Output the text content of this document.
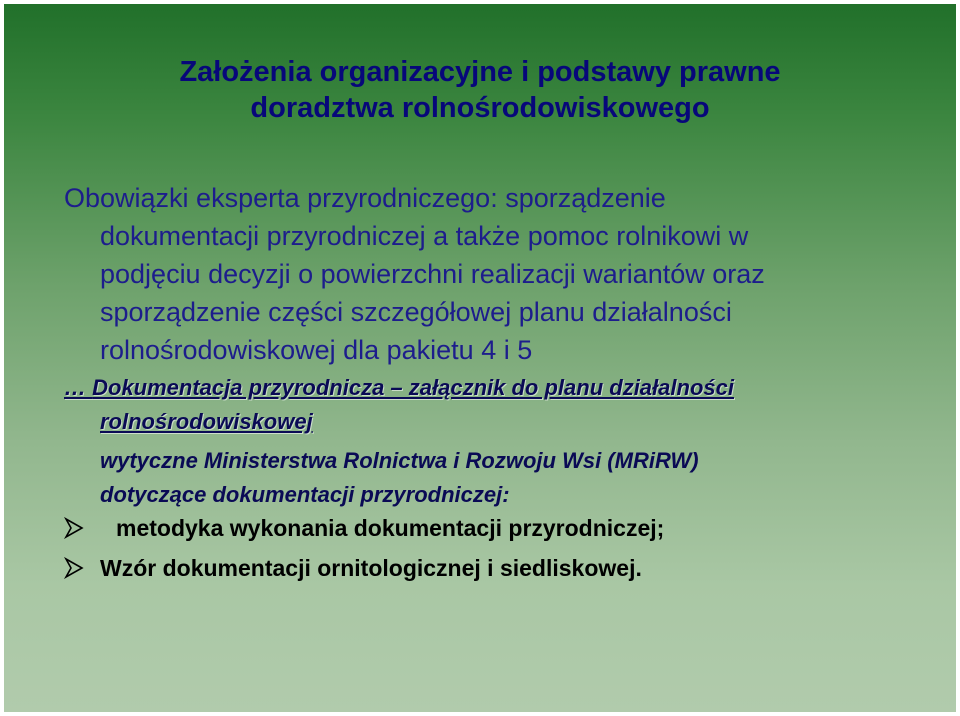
Założenia organizacyjne i podstawy prawne
doradztwa rolnośrodowiskowego

Obowiązki eksperta przyrodniczego: sporządzenie
dokumentacji przyrodniczej a także pomoc rolnikowi w
podjęciu decyzji o powierzchni realizacji wariantów oraz
sporządzenie części szczegółowej planu działalności
rolnośrodowiskowej dla pakietu 4 i 5

… Dokumentacja przyrodnicza – załącznik do planu działalności
rolnośrodowiskowej

wytyczne Ministerstwa Rolnictwa i Rozwoju Wsi (MRiRW)
dotyczące dokumentacji przyrodniczej:

metodyka wykonania dokumentacji przyrodniczej;
Wzór dokumentacji ornitologicznej i siedliskowej.
